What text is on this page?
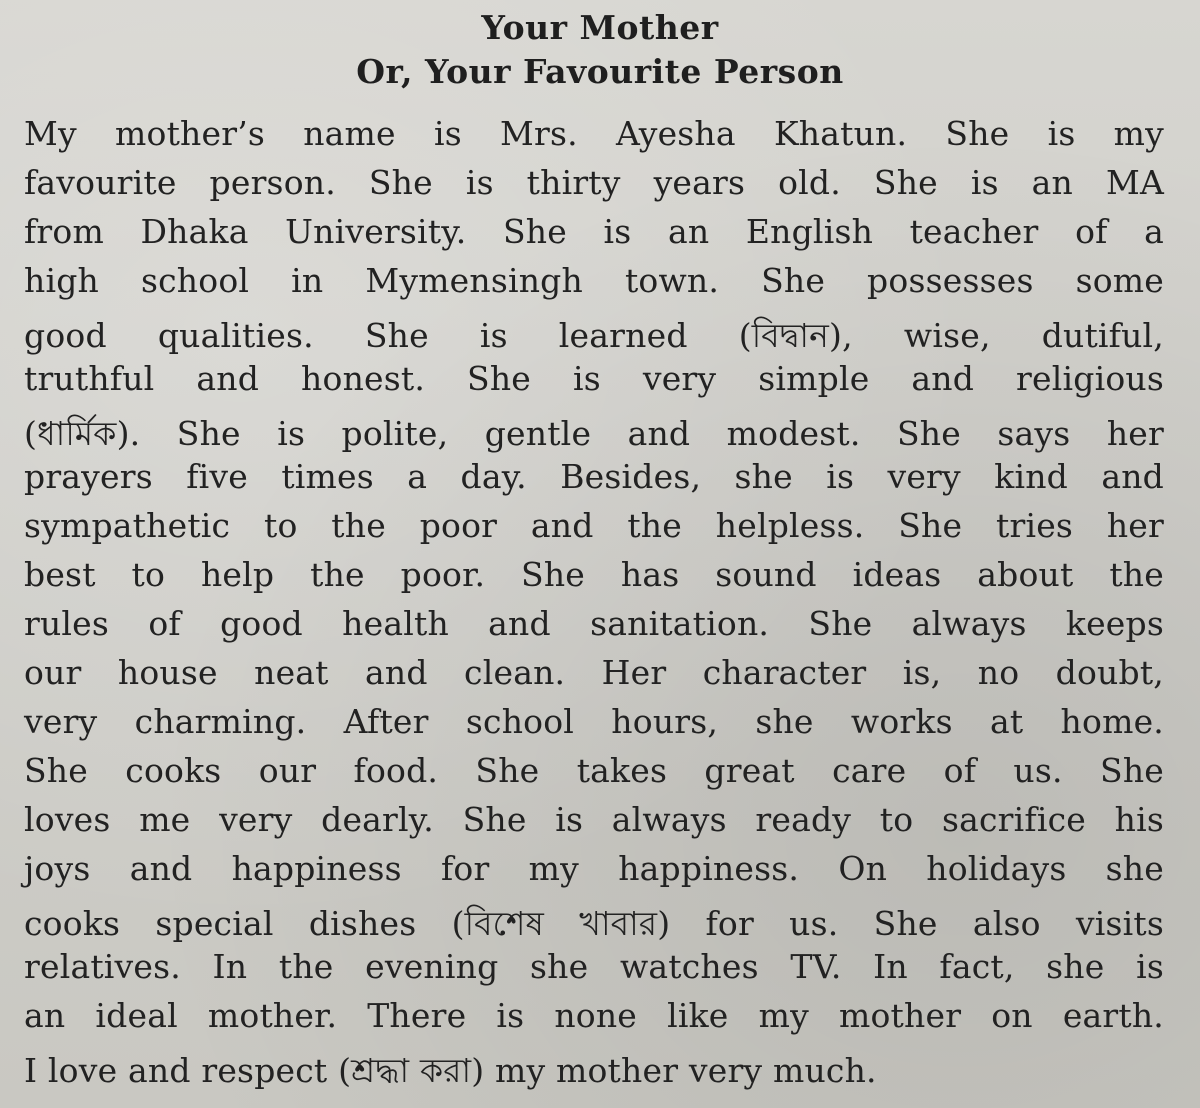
Your Mother
Or, Your Favourite Person
My mother’s name is Mrs. Ayesha Khatun. She is my
favourite person. She is thirty years old. She is an MA
from Dhaka University. She is an English teacher of a
high school in Mymensingh town. She possesses some
good qualities. She is learned (বিদ্বান), wise, dutiful,
truthful and honest. She is very simple and religious
(ধার্মিক). She is polite, gentle and modest. She says her
prayers five times a day. Besides, she is very kind and
sympathetic to the poor and the helpless. She tries her
best to help the poor. She has sound ideas about the
rules of good health and sanitation. She always keeps
our house neat and clean. Her character is, no doubt,
very charming. After school hours, she works at home.
She cooks our food. She takes great care of us. She
loves me very dearly. She is always ready to sacrifice his
joys and happiness for my happiness. On holidays she
cooks special dishes (বিশেষ খাবার) for us. She also visits
relatives. In the evening she watches TV. In fact, she is
an ideal mother. There is none like my mother on earth.
I love and respect (শ্রদ্ধা করা) my mother very much.
